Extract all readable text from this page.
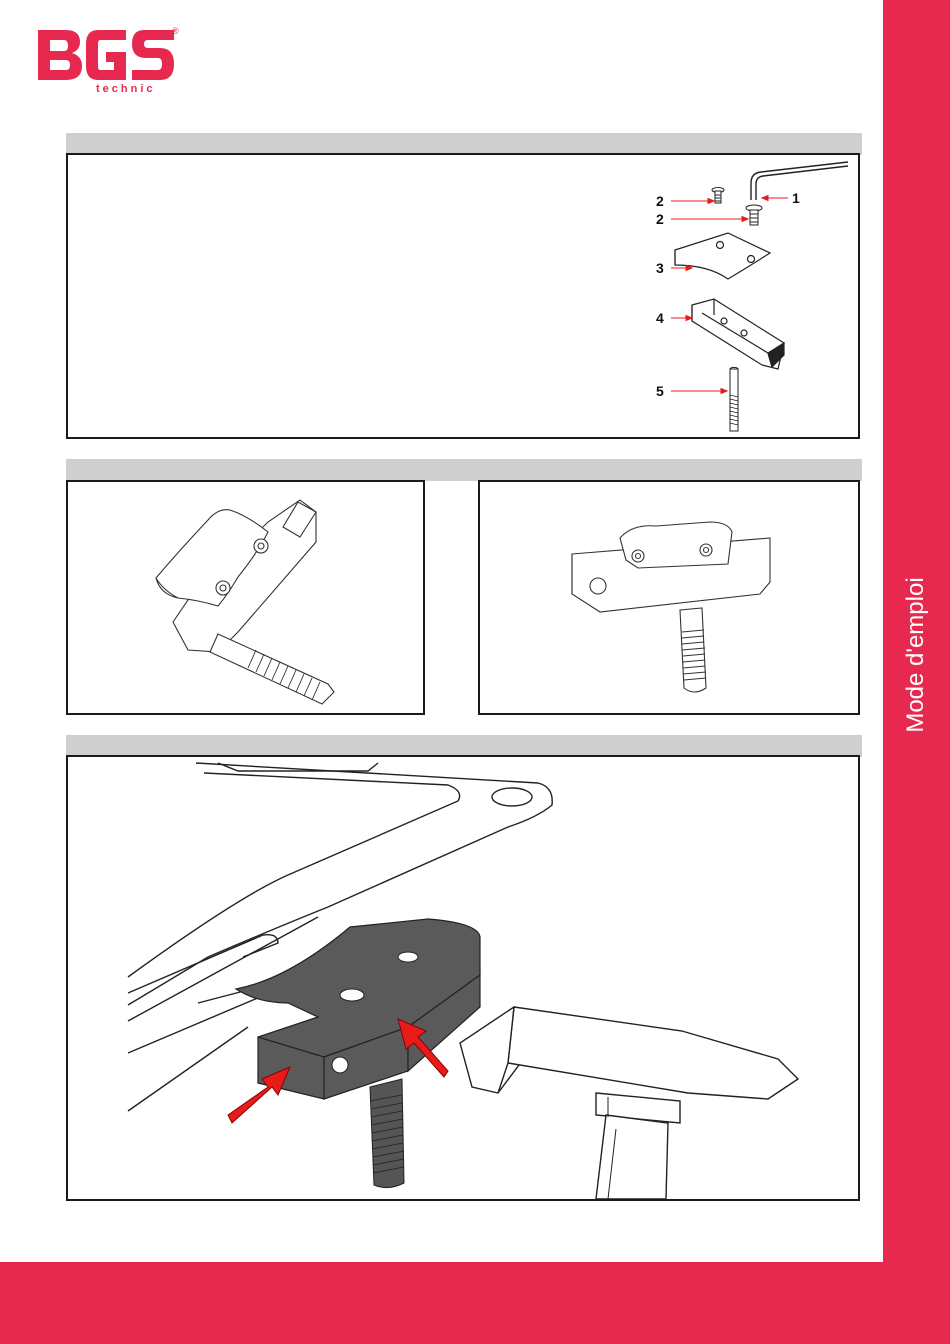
Mode d'emploi
technic
®
1
2
2
3
4
5
